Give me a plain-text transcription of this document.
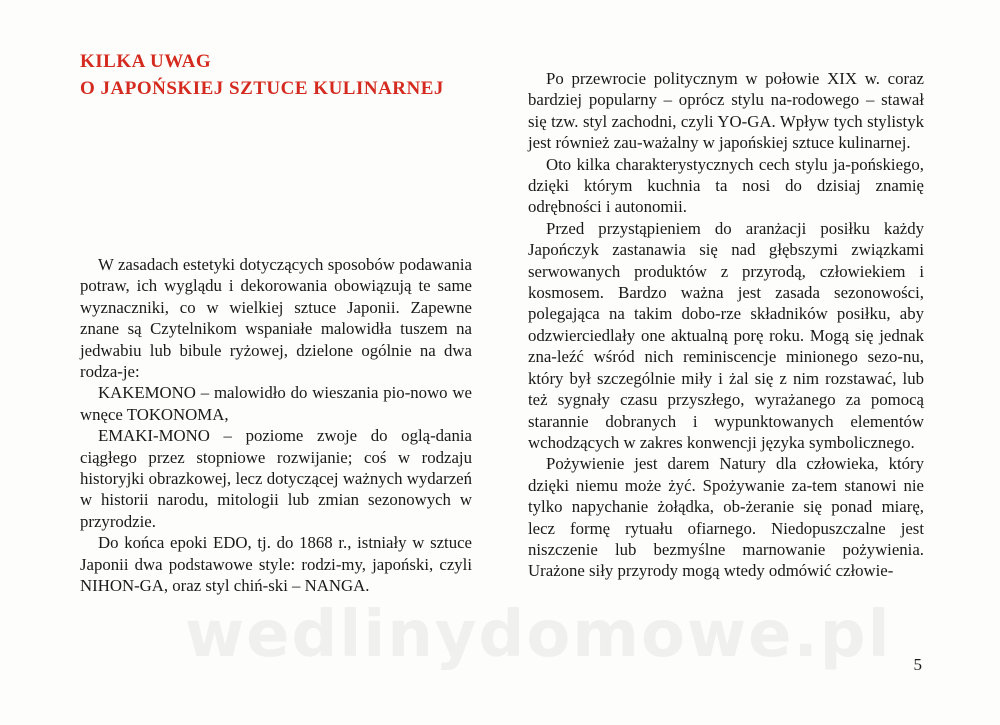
KILKA UWAG
O JAPOŃSKIEJ SZTUCE KULINARNEJ

W zasadach estetyki dotyczących sposobów podawania potraw, ich wyglądu i dekorowania obowiązują te same wyznaczniki, co w wielkiej sztuce Japonii. Zapewne znane są Czytelnikom wspaniałe malowidła tuszem na jedwabiu lub bibule ryżowej, dzielone ogólnie na dwa rodza-je:

KAKEMONO – malowidło do wieszania pio-nowo we wnęce TOKONOMA,

EMAKI-MONO – poziome zwoje do oglą-dania ciągłego przez stopniowe rozwijanie; coś w rodzaju historyjki obrazkowej, lecz dotyczącej ważnych wydarzeń w historii narodu, mitologii lub zmian sezonowych w przyrodzie.

Do końca epoki EDO, tj. do 1868 r., istniały w sztuce Japonii dwa podstawowe style: rodzi-my, japoński, czyli NIHON-GA, oraz styl chiń-ski – NANGA.

Po przewrocie politycznym w połowie XIX w. coraz bardziej popularny – oprócz stylu na-rodowego – stawał się tzw. styl zachodni, czyli YO-GA. Wpływ tych stylistyk jest również zau-ważalny w japońskiej sztuce kulinarnej.

Oto kilka charakterystycznych cech stylu ja-pońskiego, dzięki którym kuchnia ta nosi do dzisiaj znamię odrębności i autonomii.

Przed przystąpieniem do aranżacji posiłku każdy Japończyk zastanawia się nad głębszymi związkami serwowanych produktów z przyrodą, człowiekiem i kosmosem. Bardzo ważna jest zasada sezonowości, polegająca na takim dobo-rze składników posiłku, aby odzwierciedlały one aktualną porę roku. Mogą się jednak zna-leźć wśród nich reminiscencje minionego sezo-nu, który był szczególnie miły i żal się z nim rozstawać, lub też sygnały czasu przyszłego, wyrażanego za pomocą starannie dobranych i wypunktowanych elementów wchodzących w zakres konwencji języka symbolicznego.

Pożywienie jest darem Natury dla człowieka, który dzięki niemu może żyć. Spożywanie za-tem stanowi nie tylko napychanie żołądka, ob-żeranie się ponad miarę, lecz formę rytuału ofiarnego. Niedopuszczalne jest niszczenie lub bezmyślne marnowanie pożywienia. Urażone siły przyrody mogą wtedy odmówić człowie-

wedlinydomowe.pl 5
